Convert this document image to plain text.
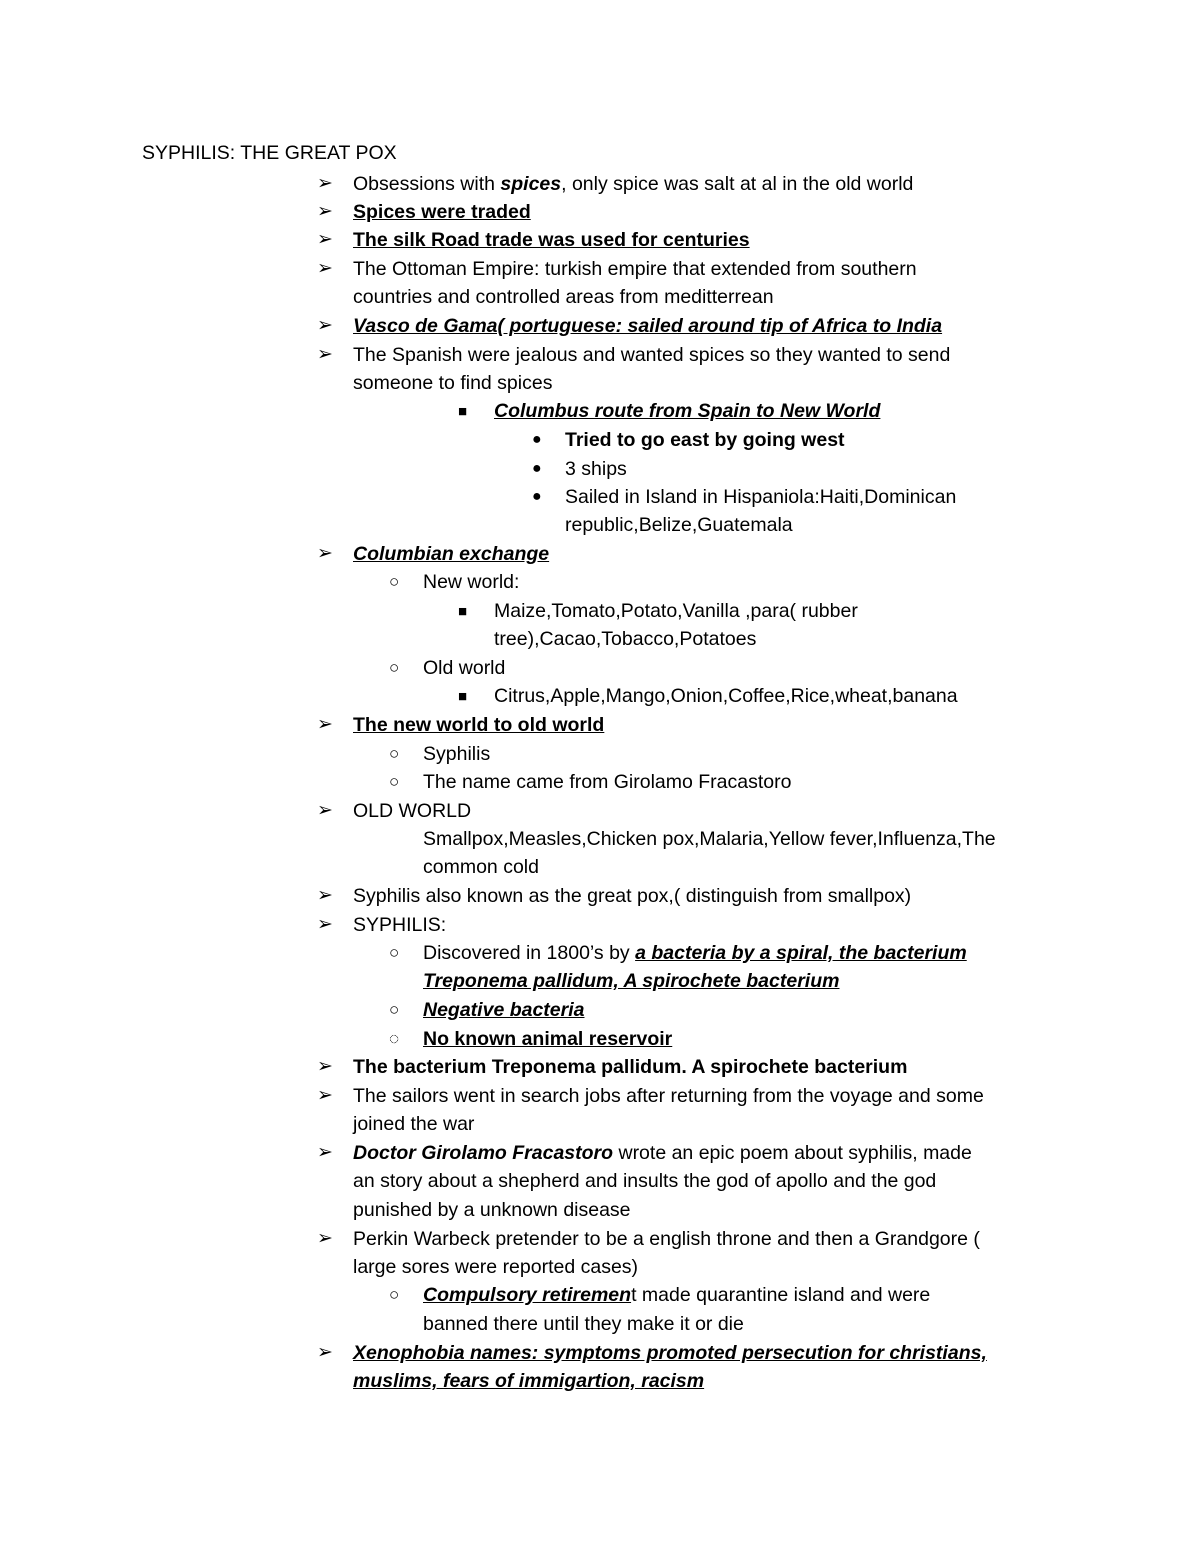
SYPHILIS: THE GREAT POX
➢ Obsessions with spices, only spice was salt at al in the old world
➢ Spices were traded
➢ The silk Road trade was used for centuries
➢ The Ottoman Empire: turkish empire that extended from southern
countries and controlled areas from meditterrean
➢ Vasco de Gama( portuguese: sailed around tip of Africa to India
➢ The Spanish were jealous and wanted spices so they wanted to send
someone to find spices
■ Columbus route from Spain to New World
● Tried to go east by going west
● 3 ships
● Sailed in Island in Hispaniola:Haiti,Dominican
republic,Belize,Guatemala
➢ Columbian exchange
○ New world:
■ Maize,Tomato,Potato,Vanilla ,para( rubber
tree),Cacao,Tobacco,Potatoes
○ Old world
■ Citrus,Apple,Mango,Onion,Coffee,Rice,wheat,banana
➢ The new world to old world
○ Syphilis
○ The name came from Girolamo Fracastoro
➢ OLD WORLD
Smallpox,Measles,Chicken pox,Malaria,Yellow fever,Influenza,The
common cold
➢ Syphilis also known as the great pox,( distinguish from smallpox)
➢ SYPHILIS:
○ Discovered in 1800’s by a bacteria by a spiral, the bacterium
Treponema pallidum, A spirochete bacterium
○ Negative bacteria
◌ No known animal reservoir
➢ The bacterium Treponema pallidum. A spirochete bacterium
➢ The sailors went in search jobs after returning from the voyage and some
joined the war
➢ Doctor Girolamo Fracastoro wrote an epic poem about syphilis, made
an story about a shepherd and insults the god of apollo and the god
punished by a unknown disease
➢ Perkin Warbeck pretender to be a english throne and then a Grandgore (
large sores were reported cases)
○ Compulsory retirement made quarantine island and were
banned there until they make it or die
➢ Xenophobia names: symptoms promoted persecution for christians,
muslims, fears of immigartion, racism
